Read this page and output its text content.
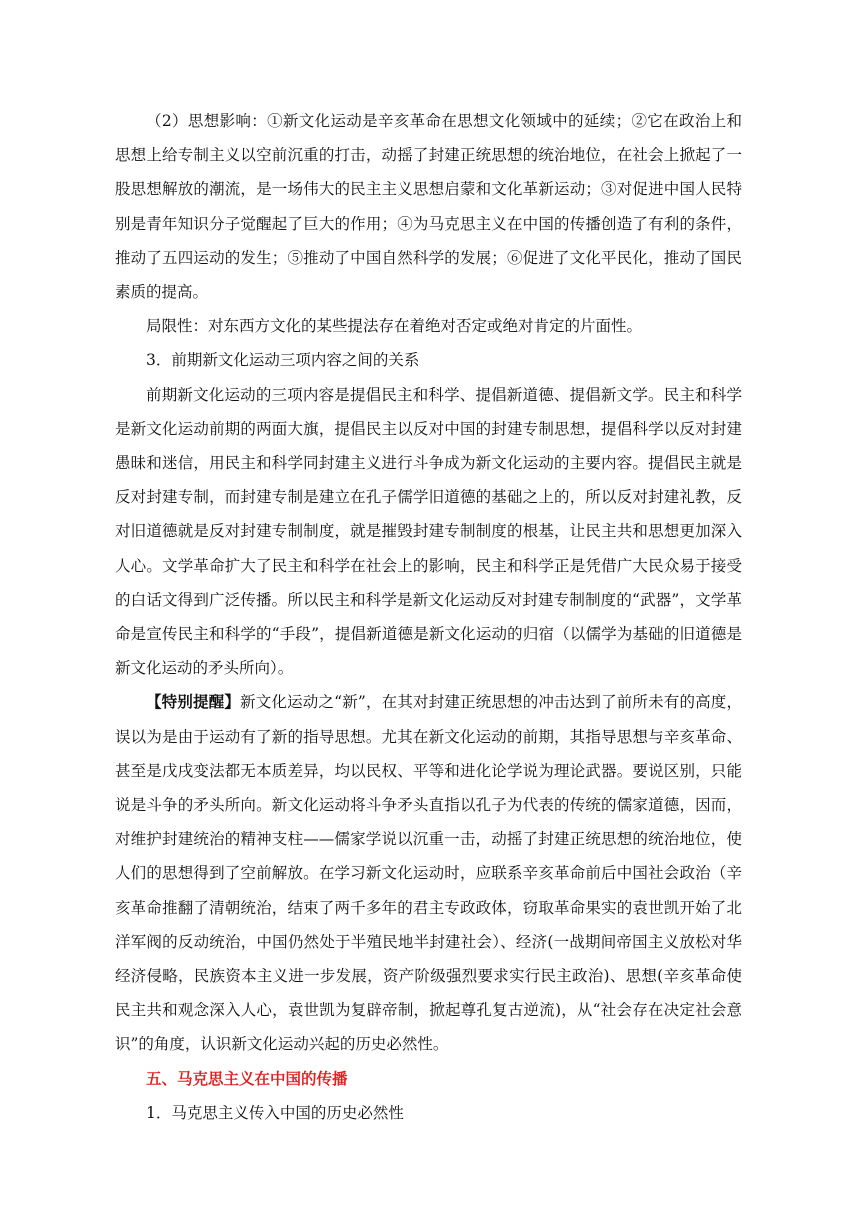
（2）思想影响：①新文化运动是辛亥革命在思想文化领域中的延续；②它在政治上和思想上给专制主义以空前沉重的打击，动摇了封建正统思想的统治地位，在社会上掀起了一股思想解放的潮流，是一场伟大的民主主义思想启蒙和文化革新运动；③对促进中国人民特别是青年知识分子觉醒起了巨大的作用；④为马克思主义在中国的传播创造了有利的条件，推动了五四运动的发生；⑤推动了中国自然科学的发展；⑥促进了文化平民化，推动了国民素质的提高。

局限性：对东西方文化的某些提法存在着绝对否定或绝对肯定的片面性。

3．前期新文化运动三项内容之间的关系

前期新文化运动的三项内容是提倡民主和科学、提倡新道德、提倡新文学。民主和科学是新文化运动前期的两面大旗，提倡民主以反对中国的封建专制思想，提倡科学以反对封建愚昧和迷信，用民主和科学同封建主义进行斗争成为新文化运动的主要内容。提倡民主就是反对封建专制，而封建专制是建立在孔子儒学旧道德的基础之上的，所以反对封建礼教，反对旧道德就是反对封建专制制度，就是摧毁封建专制制度的根基，让民主共和思想更加深入人心。文学革命扩大了民主和科学在社会上的影响，民主和科学正是凭借广大民众易于接受的白话文得到广泛传播。所以民主和科学是新文化运动反对封建专制制度的“武器”，文学革命是宣传民主和科学的“手段”，提倡新道德是新文化运动的归宿（以儒学为基础的旧道德是新文化运动的矛头所向）。

【特别提醒】新文化运动之“新”，在其对封建正统思想的冲击达到了前所未有的高度，误以为是由于运动有了新的指导思想。尤其在新文化运动的前期，其指导思想与辛亥革命、甚至是戊戌变法都无本质差异，均以民权、平等和进化论学说为理论武器。要说区别，只能说是斗争的矛头所向。新文化运动将斗争矛头直指以孔子为代表的传统的儒家道德，因而，对维护封建统治的精神支柱——儒家学说以沉重一击，动摇了封建正统思想的统治地位，使人们的思想得到了空前解放。在学习新文化运动时，应联系辛亥革命前后中国社会政治（辛亥革命推翻了清朝统治，结束了两千多年的君主专政政体，窃取革命果实的袁世凯开始了北洋军阀的反动统治，中国仍然处于半殖民地半封建社会）、经济(一战期间帝国主义放松对华经济侵略，民族资本主义进一步发展，资产阶级强烈要求实行民主政治)、思想(辛亥革命使民主共和观念深入人心，袁世凯为复辟帝制，掀起尊孔复古逆流)，从“社会存在决定社会意识”的角度，认识新文化运动兴起的历史必然性。

五、马克思主义在中国的传播

1．马克思主义传入中国的历史必然性
